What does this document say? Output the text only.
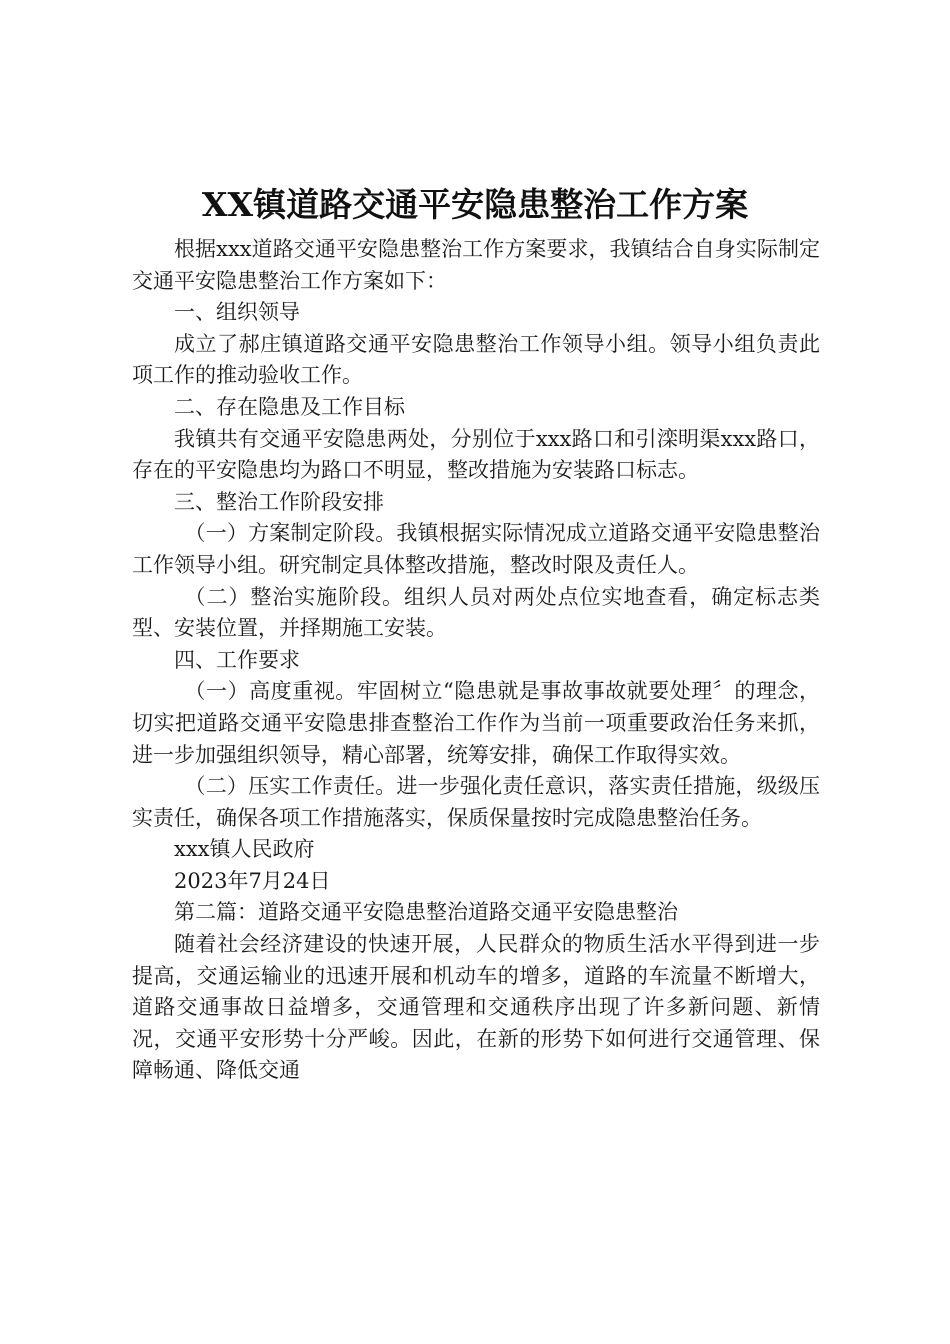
XX镇道路交通平安隐患整治工作方案

根据xxx道路交通平安隐患整治工作方案要求，我镇结合自身实际制定交通平安隐患整治工作方案如下：

一、组织领导

成立了郝庄镇道路交通平安隐患整治工作领导小组。领导小组负责此项工作的推动验收工作。

二、存在隐患及工作目标

我镇共有交通平安隐患两处，分别位于xxx路口和引滦明渠xxx路口，存在的平安隐患均为路口不明显，整改措施为安装路口标志。

三、整治工作阶段安排

（一）方案制定阶段。我镇根据实际情况成立道路交通平安隐患整治工作领导小组。研究制定具体整改措施，整改时限及责任人。

（二）整治实施阶段。组织人员对两处点位实地查看，确定标志类型、安装位置，并择期施工安装。

四、工作要求

（一）高度重视。牢固树立“隐患就是事故事故就要处理〞的理念，切实把道路交通平安隐患排查整治工作作为当前一项重要政治任务来抓，进一步加强组织领导，精心部署，统筹安排，确保工作取得实效。

（二）压实工作责任。进一步强化责任意识，落实责任措施，级级压实责任，确保各项工作措施落实，保质保量按时完成隐患整治任务。

xxx镇人民政府

2023年7月24日

第二篇：道路交通平安隐患整治道路交通平安隐患整治

随着社会经济建设的快速开展，人民群众的物质生活水平得到进一步提高，交通运输业的迅速开展和机动车的增多，道路的车流量不断增大，道路交通事故日益增多，交通管理和交通秩序出现了许多新问题、新情况，交通平安形势十分严峻。因此，在新的形势下如何进行交通管理、保障畅通、降低交通
